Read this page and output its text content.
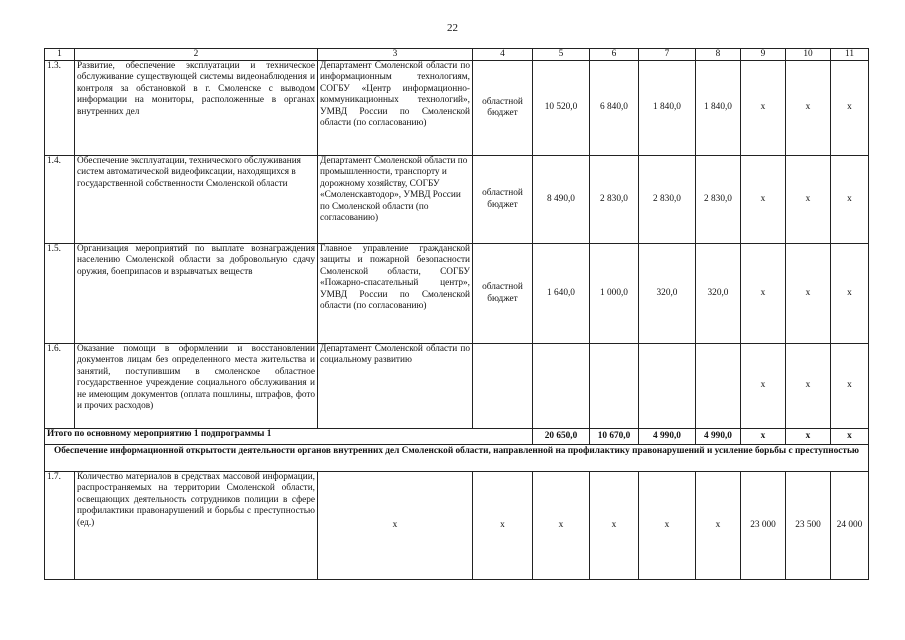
22
1	2	3	4	5	6	7	8	9	10	11
1.3.	Развитие, обеспечение эксплуатации и техническое обслуживание существующей системы видеонаблюдения и контроля за обстановкой в г. Смоленске с выводом информации на мониторы, расположенные в органах внутренних дел	Департамент Смоленской области по информационным технологиям, СОГБУ «Центр информационно-коммуникационных технологий», УМВД России по Смоленской области (по согласованию)	областной бюджет	10 520,0	6 840,0	1 840,0	1 840,0	x	x	x
1.4.	Обеспечение эксплуатации, технического обслуживания систем автоматической видеофиксации, находящихся в государственной собственности Смоленской области	Департамент Смоленской области по промышленности, транспорту и дорожному хозяйству, СОГБУ «Смоленскавтодор», УМВД России по Смоленской области (по согласованию)	областной бюджет	8 490,0	2 830,0	2 830,0	2 830,0	x	x	x
1.5.	Организация мероприятий по выплате вознаграждения населению Смоленской области за добровольную сдачу оружия, боеприпасов и взрывчатых веществ	Главное управление гражданской защиты и пожарной безопасности Смоленской области, СОГБУ «Пожарно-спасательный центр», УМВД России по Смоленской области (по согласованию)	областной бюджет	1 640,0	1 000,0	320,0	320,0	x	x	x
1.6.	Оказание помощи в оформлении и восстановлении документов лицам без определенного места жительства и занятий, поступившим в смоленское областное государственное учреждение социального обслуживания и не имеющим документов (оплата пошлины, штрафов, фото и прочих расходов)	Департамент Смоленской области по социальному развитию						x	x	x
Итого по основному мероприятию 1 подпрограммы 1				20 650,0	10 670,0	4 990,0	4 990,0	x	x	x
Обеспечение информационной открытости деятельности органов внутренних дел Смоленской области, направленной на профилактику правонарушений и усиление борьбы с преступностью										
1.7.	Количество материалов в средствах массовой информации, распространяемых на территории Смоленской области, освещающих деятельность сотрудников полиции в сфере профилактики правонарушений и борьбы с преступностью (ед.)	x	x	x	x	x	x	23 000	23 500	24 000
